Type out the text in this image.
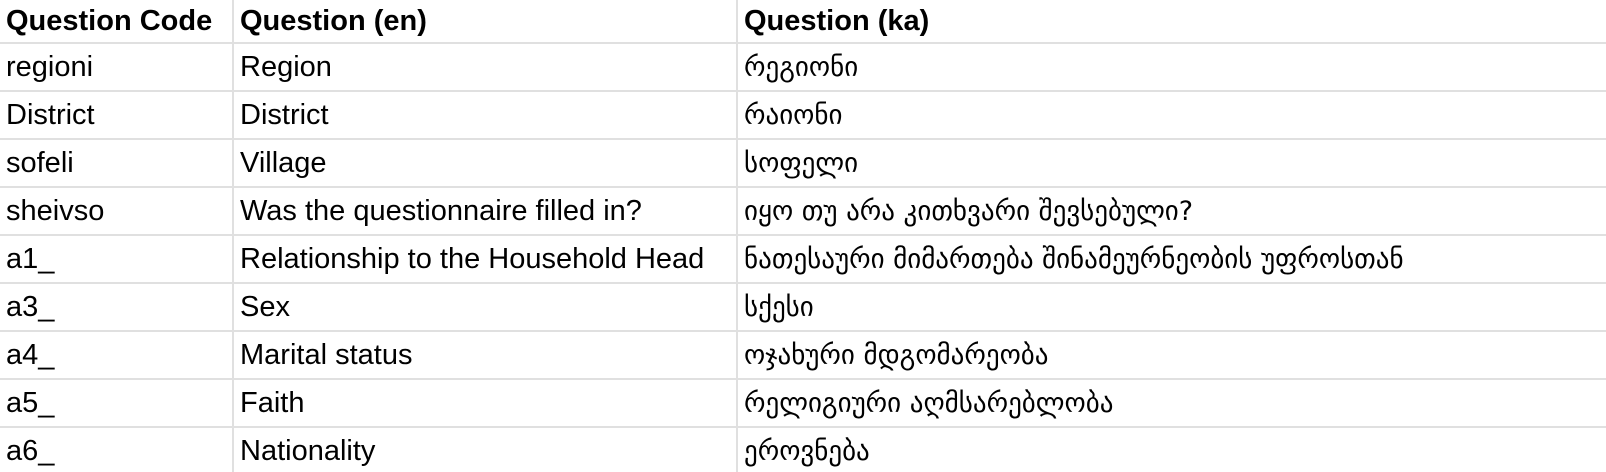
Question Code	Question (en)	Question (ka)
regioni	Region	რეგიონი
District	District	რაიონი
sofeli	Village	სოფელი
sheivso	Was the questionnaire filled in?	იყო თუ არა კითხვარი შევსებული?
a1_	Relationship to the Household Head	ნათესაური მიმართება შინამეურნეობის უფროსთან
a3_	Sex	სქესი
a4_	Marital status	ოჯახური მდგომარეობა
a5_	Faith	რელიგიური აღმსარებლობა
a6_	Nationality	ეროვნება
